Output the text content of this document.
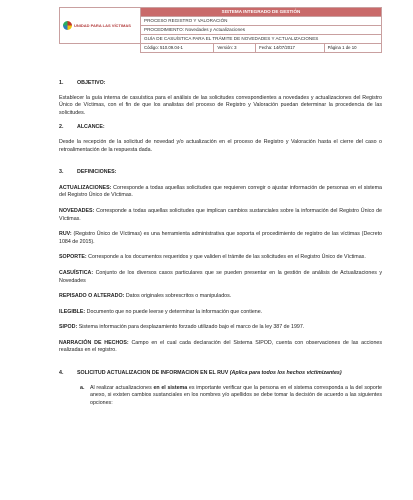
UNIDAD PARA LAS VÍCTIMAS	SISTEMA INTEGRADO DE GESTIÓN			
	PROCESO REGISTRO Y VALORACIÓN			
	PROCEDIMIENTO: Novedades y Actualizaciones			
	GUÍA DE CASUÍSTICA PARA EL TRÁMITE DE NOVEDADES Y ACTUALIZACIONES			
	Código: 510.09.04-1	Versión: 3	Fecha: 14/07/2017	Página 1 de 10
1.	OBJETIVO:

Establecer la guía interna de casuística para el análisis de las solicitudes correspondientes a novedades y actualizaciones del Registro Único de Víctimas, con el fin de que los analistas del proceso de Registro y Valoración puedan determinar la procedencia de las solicitudes.

2.	ALCANCE:

Desde la recepción de la solicitud de novedad y/o actualización en el proceso de Registro y Valoración hasta el cierre del caso o retroalimentación de la respuesta dada.

3.	DEFINICIONES:

ACTUALIZACIONES: Corresponde a todas aquellas solicitudes que requieren corregir o ajustar información de personas en el sistema del Registro Único de Víctimas.

NOVEDADES: Corresponde a todas aquellas solicitudes que implican cambios sustanciales sobre la información del Registro Único de Víctimas.

RUV: (Registro Único de Víctimas) es una herramienta administrativa que soporta el procedimiento de registro de las víctimas (Decreto 1084 de 2015).

SOPORTE: Corresponde a los documentos requeridos y que validen el trámite de las solicitudes en el Registro Único de Víctimas.

CASUÍSTICA: Conjunto de los diversos casos particulares que se pueden presentar en la gestión de análisis de Actualizaciones y Novedades

REPISADO O ALTERADO: Datos originales sobrescritos o manipulados.

ILEGIBLE: Documento que no puede leerse y determinar la información que contiene.

SIPOD: Sistema información para desplazamiento forzado utilizado bajo el marco de la ley 387 de 1997.

NARRACIÓN DE HECHOS: Campo en el cual cada declaración del Sistema SIPOD, cuenta con observaciones de las acciones realizadas en el registro.

4.	SOLICITUD ACTUALIZACION DE INFORMACION EN EL RUV (Aplica para todos los hechos victimizantes)
a.	Al realizar actualizaciones en el sistema es importante verificar que la persona en el sistema corresponda a la del soporte anexo, si existen cambios sustanciales en los nombres y/o apellidos se debe tomar la decisión de acuerdo a las siguientes opciones:
